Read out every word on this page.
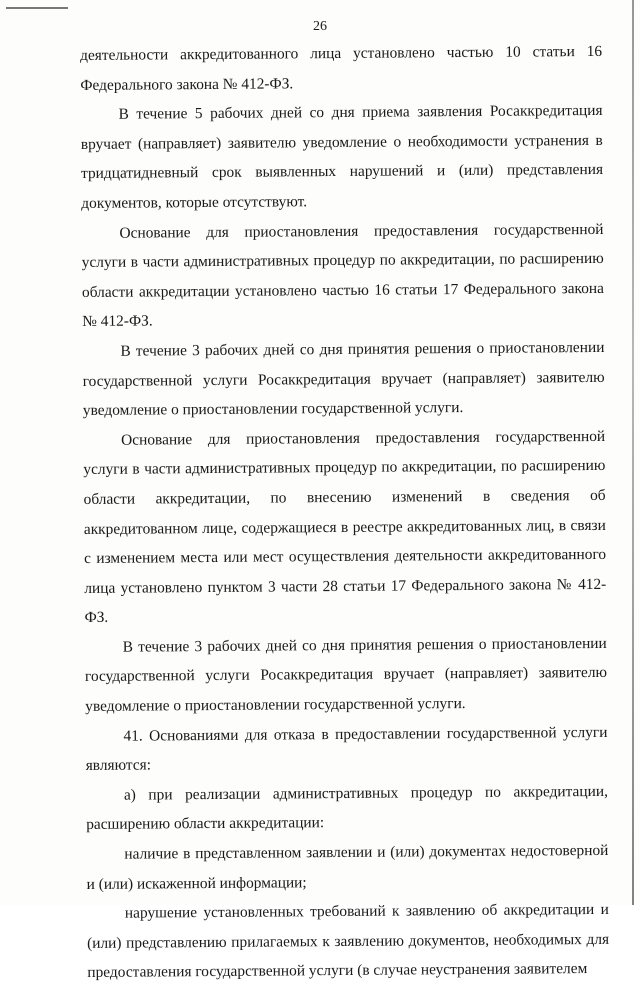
26

деятельности аккредитованного лица установлено частью 10 статьи 16 Федерального закона № 412-ФЗ.

В течение 5 рабочих дней со дня приема заявления Росаккредитация вручает (направляет) заявителю уведомление о необходимости устранения в тридцатидневный срок выявленных нарушений и (или) представления документов, которые отсутствуют.

Основание для приостановления предоставления государственной услуги в части административных процедур по аккредитации, по расширению области аккредитации установлено частью 16 статьи 17 Федерального закона № 412-ФЗ.

В течение 3 рабочих дней со дня принятия решения о приостановлении государственной услуги Росаккредитация вручает (направляет) заявителю уведомление о приостановлении государственной услуги.

Основание для приостановления предоставления государственной услуги в части административных процедур по аккредитации, по расширению области аккредитации, по внесению изменений в сведения об аккредитованном лице, содержащиеся в реестре аккредитованных лиц, в связи с изменением места или мест осуществления деятельности аккредитованного лица установлено пунктом 3 части 28 статьи 17 Федерального закона № 412-ФЗ.

В течение 3 рабочих дней со дня принятия решения о приостановлении государственной услуги Росаккредитация вручает (направляет) заявителю уведомление о приостановлении государственной услуги.

41. Основаниями для отказа в предоставлении государственной услуги являются:

а) при реализации административных процедур по аккредитации, расширению области аккредитации:

наличие в представленном заявлении и (или) документах недостоверной и (или) искаженной информации;

нарушение установленных требований к заявлению об аккредитации и (или) представлению прилагаемых к заявлению документов, необходимых для предоставления государственной услуги (в случае неустранения заявителем
